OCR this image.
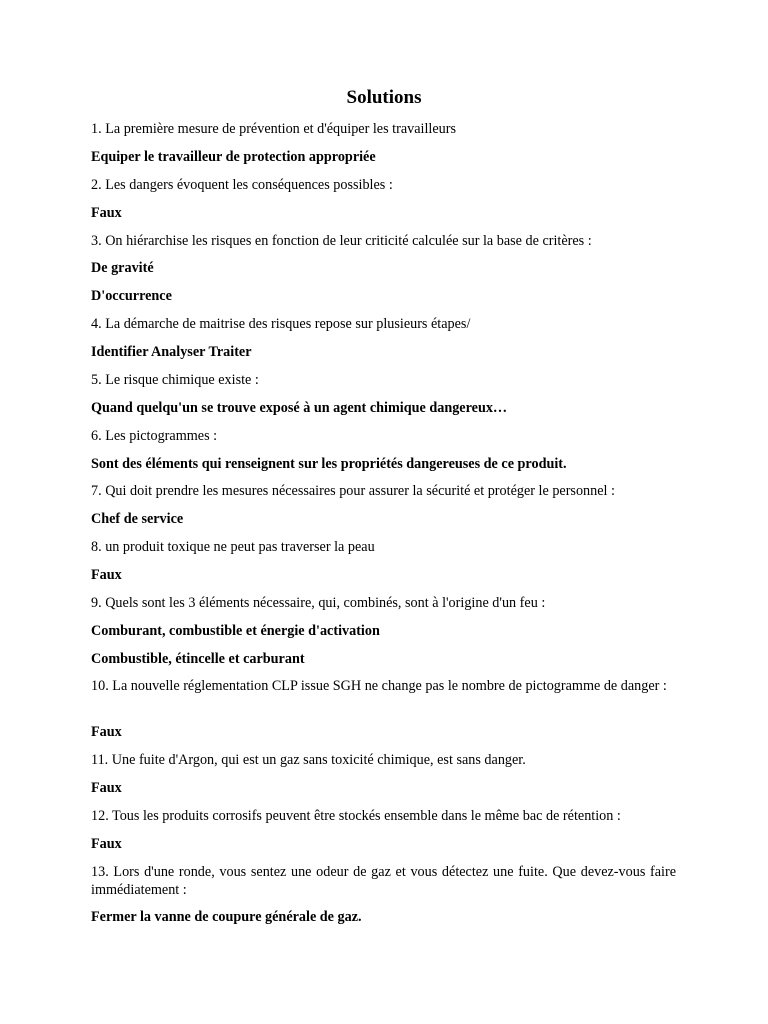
Solutions
1. La première mesure de prévention et d'équiper les travailleurs
Equiper le travailleur de protection appropriée
2. Les dangers évoquent les conséquences possibles :
Faux
3. On hiérarchise les risques en fonction de leur criticité calculée sur la base de critères :
De gravité
D'occurrence
4. La démarche de maitrise des risques repose sur plusieurs étapes/
Identifier Analyser Traiter
5. Le risque chimique existe :
Quand quelqu'un se trouve exposé à un agent chimique dangereux…
6. Les pictogrammes :
Sont des éléments qui renseignent sur les propriétés dangereuses de ce produit.
7. Qui doit prendre les mesures nécessaires pour assurer la sécurité et protéger le personnel :
Chef de service
8. un produit toxique ne peut pas traverser la peau
Faux
9. Quels sont les 3 éléments nécessaire, qui, combinés, sont à l'origine d'un feu :
Comburant, combustible et énergie d'activation
Combustible, étincelle et carburant
10. La nouvelle réglementation CLP issue SGH ne change pas le nombre de pictogramme de danger :
Faux
11. Une fuite d'Argon, qui est un gaz sans toxicité chimique, est sans danger.
Faux
12. Tous les produits corrosifs peuvent être stockés ensemble dans le même bac de rétention :
Faux
13. Lors d'une ronde, vous sentez une odeur de gaz et vous détectez une fuite. Que devez-vous faire immédiatement :
Fermer la vanne de coupure générale de gaz.
